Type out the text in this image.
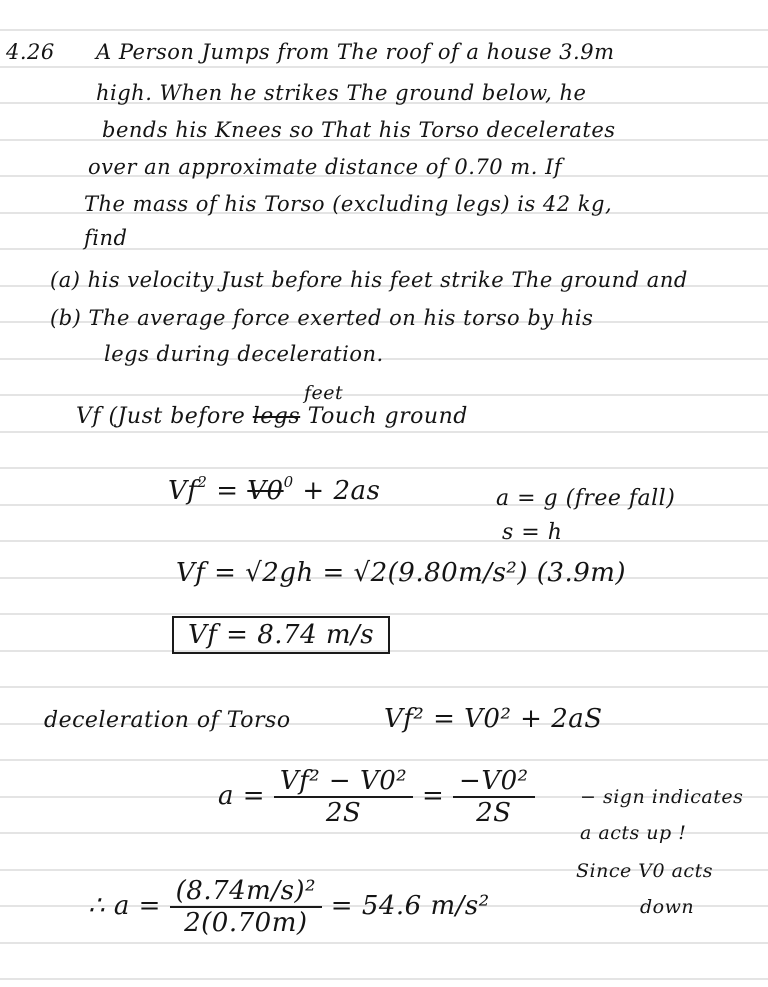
4.26 A Person Jumps from The roof of a house 3.9m
high. When he strikes The ground below, he
bends his Knees so That his Torso decelerates
over an approximate distance of 0.70 m. If
The mass of his Torso (excluding legs) is 42 kg,
find
(a) his velocity Just before his feet strike The ground and
(b) The average force exerted on his torso by his
legs during deceleration.
feet
Vf (Just before legs Touch ground
$Vf^2 = V0^0 + 2as$	a = g (free fall)
s = h
Vf = √2gh = √2(9.80m/s²) (3.9m)
Vf = 8.74 m/s
deceleration of Torso	Vf² = V0² + 2aS
$a = \frac{\text{Vf² − V0²}}{2S} = \frac{\text{−V0²}}{2S}$ − sign indicates
a acts up !
Since V0 acts
down
∴ $a = \frac{\text{(8.74m/s)²}}{2(0.70m)} = 54.6$ m/s²
